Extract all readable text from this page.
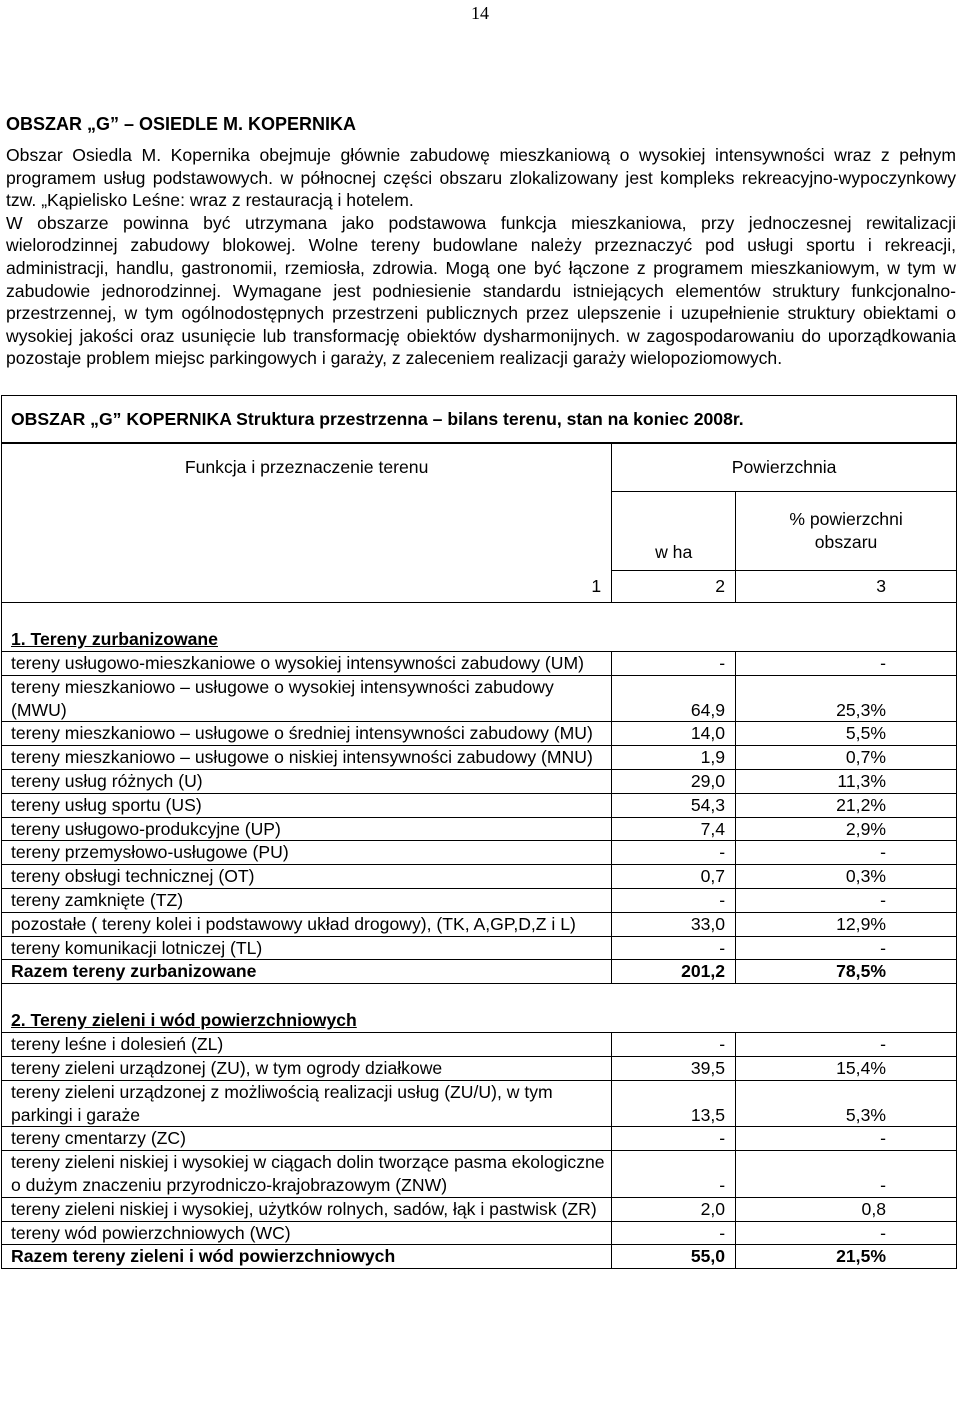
14
OBSZAR „G” – OSIEDLE M. KOPERNIKA

Obszar Osiedla M. Kopernika obejmuje głównie zabudowę mieszkaniową o wysokiej intensywności wraz z pełnym programem usług podstawowych. w północnej części obszaru zlokalizowany jest kompleks rekreacyjno-wypoczynkowy tzw. „Kąpielisko Leśne: wraz z restauracją i hotelem.

W obszarze powinna być utrzymana jako podstawowa funkcja mieszkaniowa, przy jednoczesnej rewitalizacji wielorodzinnej zabudowy blokowej. Wolne tereny budowlane należy przeznaczyć pod usługi sportu i rekreacji, administracji, handlu, gastronomii, rzemiosła, zdrowia. Mogą one być łączone z programem mieszkaniowym, w tym w zabudowie jednorodzinnej. Wymagane jest podniesienie standardu istniejących elementów struktury funkcjonalno-przestrzennej, w tym ogólnodostępnych przestrzeni publicznych przez ulepszenie i uzupełnienie struktury obiektami o wysokiej jakości oraz usunięcie lub transformację obiektów dysharmonijnych. w zagospodarowaniu do uporządkowania pozostaje problem miejsc parkingowych i garaży, z zaleceniem realizacji garaży wielopoziomowych.

OBSZAR „G” KOPERNIKA Struktura przestrzenna – bilans terenu, stan na koniec 2008r.
Funkcja i przeznaczenie terenu	Powierzchnia	
	w ha	% powierzchni obszaru
1	2	3
1. Tereny zurbanizowane		
tereny usługowo-mieszkaniowe o wysokiej intensywności zabudowy (UM)	-	-
tereny mieszkaniowo – usługowe o wysokiej intensywności zabudowy (MWU)	64,9	25,3%
tereny mieszkaniowo – usługowe o średniej intensywności zabudowy (MU)	14,0	5,5%
tereny mieszkaniowo – usługowe o niskiej intensywności zabudowy (MNU)	1,9	0,7%
tereny usług różnych (U)	29,0	11,3%
tereny usług sportu (US)	54,3	21,2%
tereny usługowo-produkcyjne (UP)	7,4	2,9%
tereny przemysłowo-usługowe (PU)	-	-
tereny obsługi technicznej (OT)	0,7	0,3%
tereny zamknięte (TZ)	-	-
pozostałe ( tereny kolei i podstawowy układ drogowy), (TK, A,GP,D,Z i L)	33,0	12,9%
tereny komunikacji lotniczej (TL)	-	-
Razem tereny zurbanizowane	201,2	78,5%
2. Tereny zieleni i wód powierzchniowych		
tereny leśne i dolesień (ZL)	-	-
tereny zieleni urządzonej (ZU), w tym ogrody działkowe	39,5	15,4%
tereny zieleni urządzonej z możliwością realizacji usług (ZU/U), w tym parkingi i garaże	13,5	5,3%
tereny cmentarzy (ZC)	-	-
tereny zieleni niskiej i wysokiej w ciągach dolin tworzące pasma ekologiczne o dużym znaczeniu przyrodniczo-krajobrazowym (ZNW)	-	-
tereny zieleni niskiej i wysokiej, użytków rolnych, sadów, łąk i pastwisk (ZR)	2,0	0,8
tereny wód powierzchniowych (WC)	-	-
Razem tereny zieleni i wód powierzchniowych	55,0	21,5%
